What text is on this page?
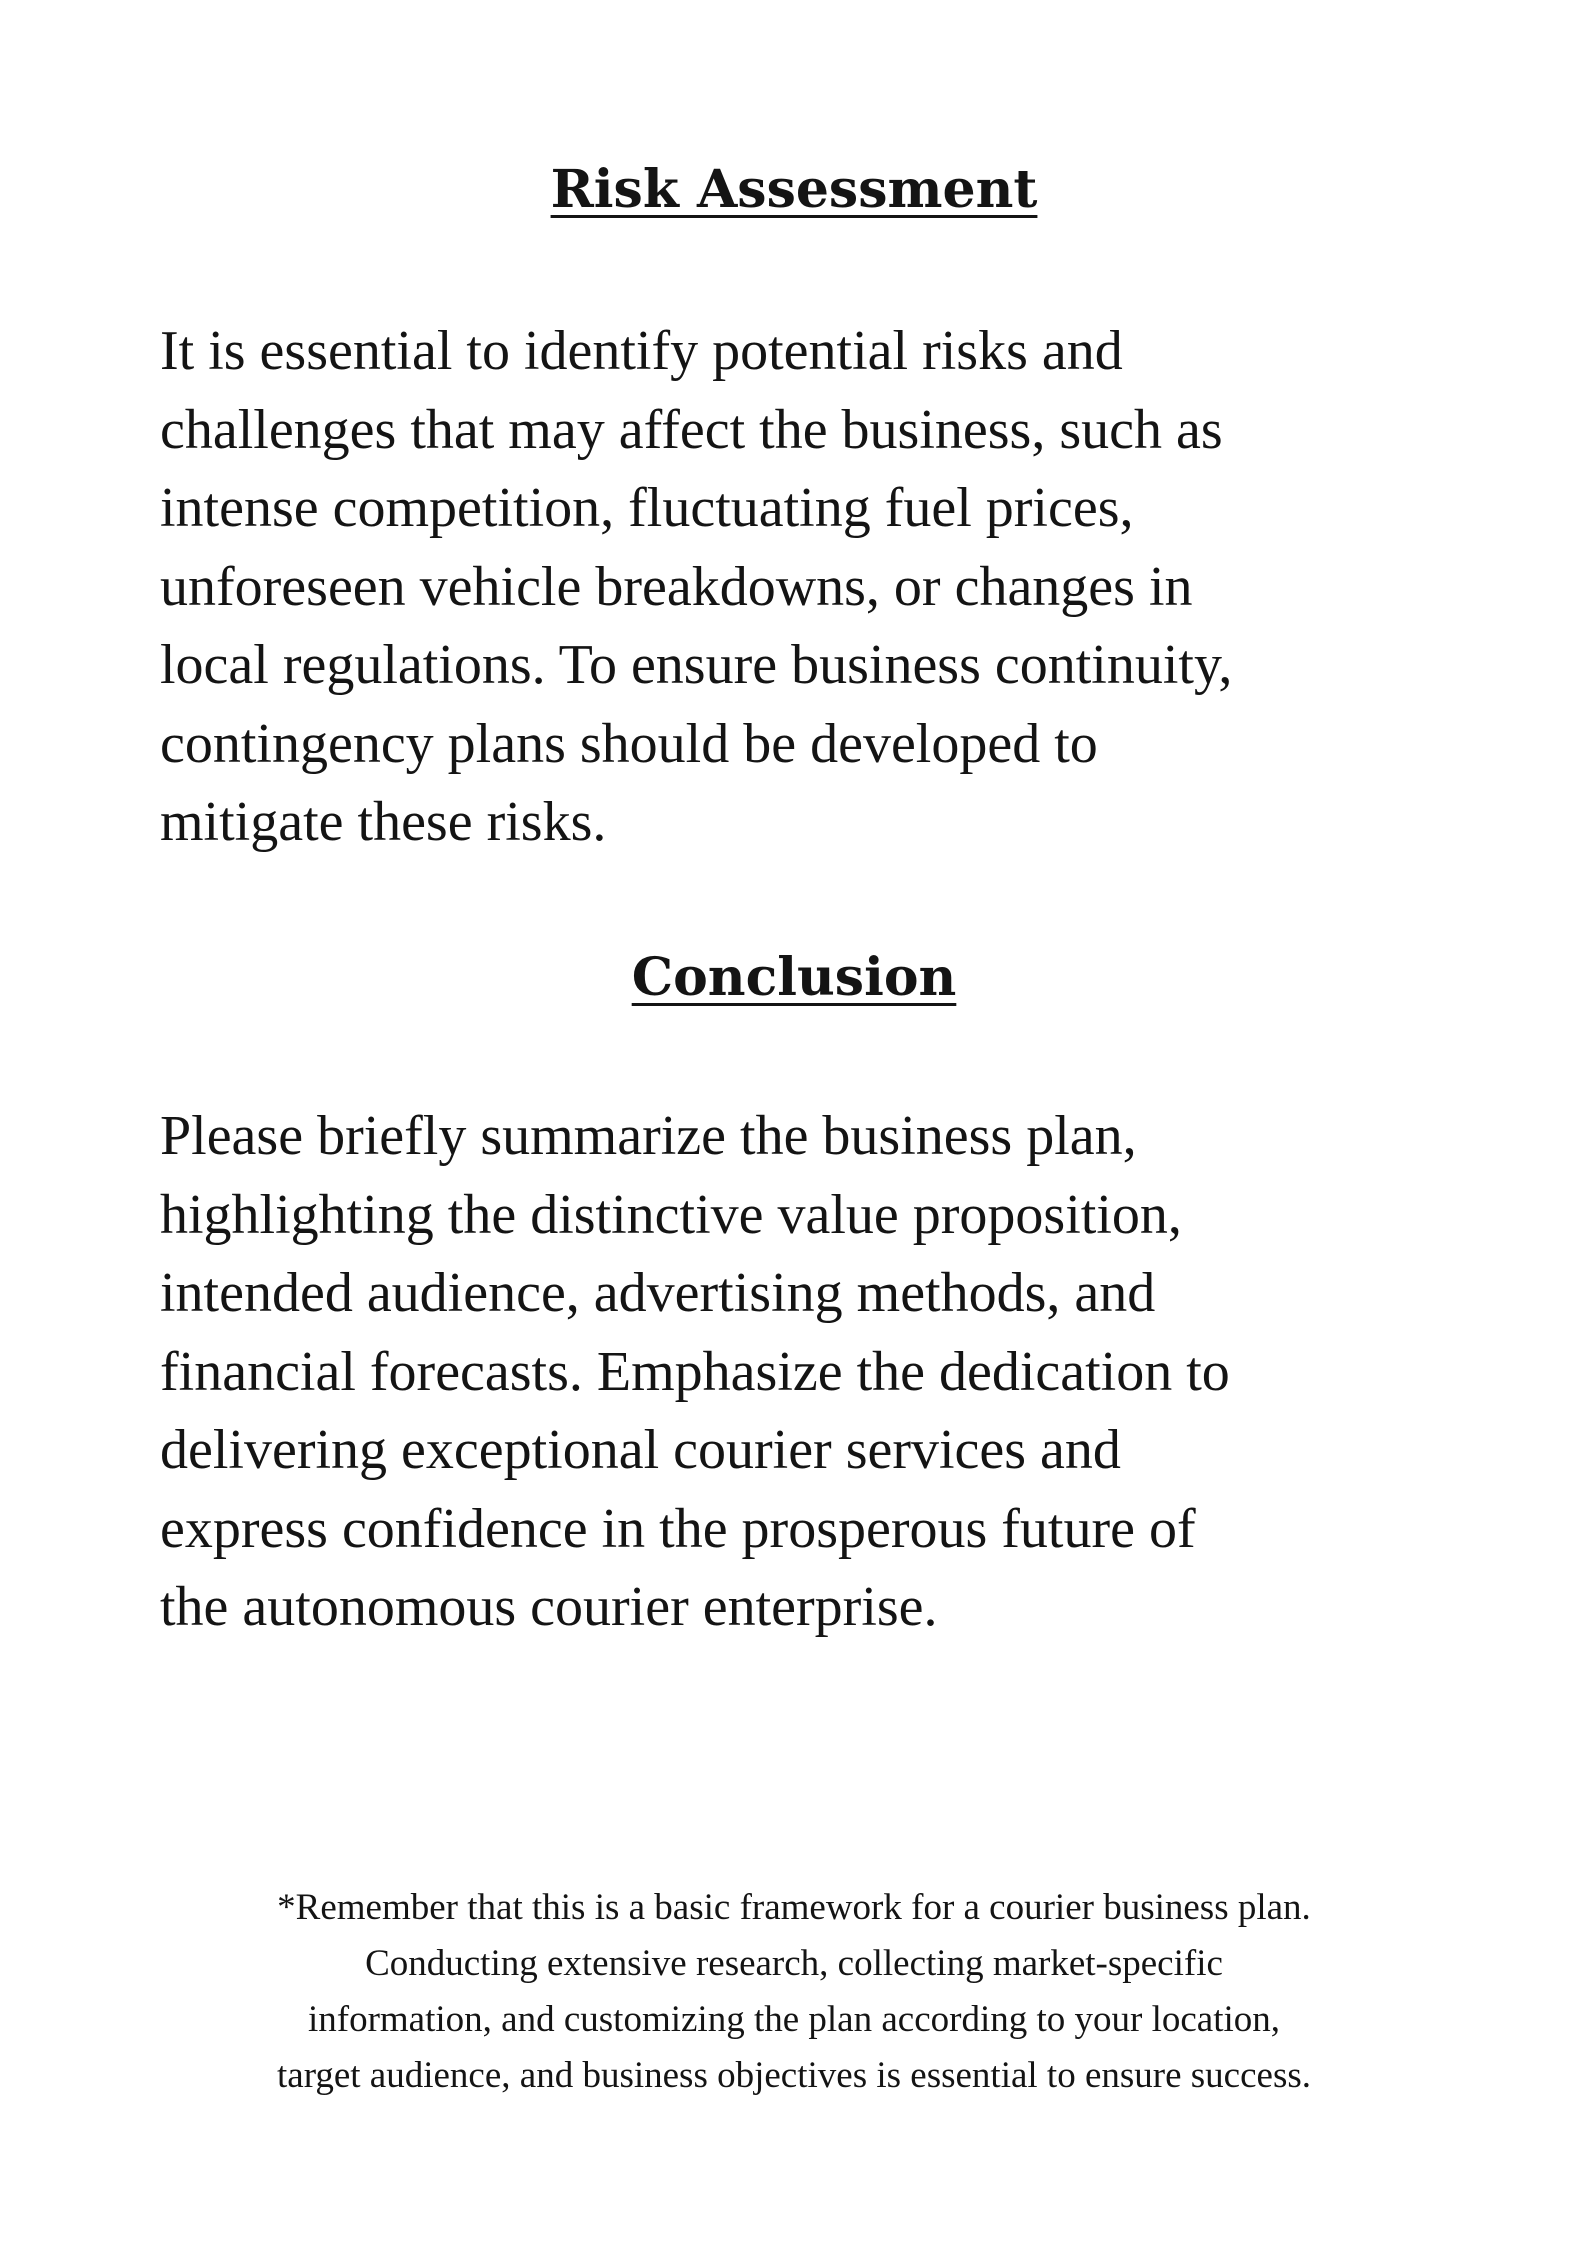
Risk Assessment

It is essential to identify potential risks and
challenges that may affect the business, such as
intense competition, fluctuating fuel prices,
unforeseen vehicle breakdowns, or changes in
local regulations. To ensure business continuity,
contingency plans should be developed to
mitigate these risks.

Conclusion

Please briefly summarize the business plan,
highlighting the distinctive value proposition,
intended audience, advertising methods, and
financial forecasts. Emphasize the dedication to
delivering exceptional courier services and
express confidence in the prosperous future of
the autonomous courier enterprise.

*Remember that this is a basic framework for a courier business plan.
Conducting extensive research, collecting market-specific
information, and customizing the plan according to your location,
target audience, and business objectives is essential to ensure success.
